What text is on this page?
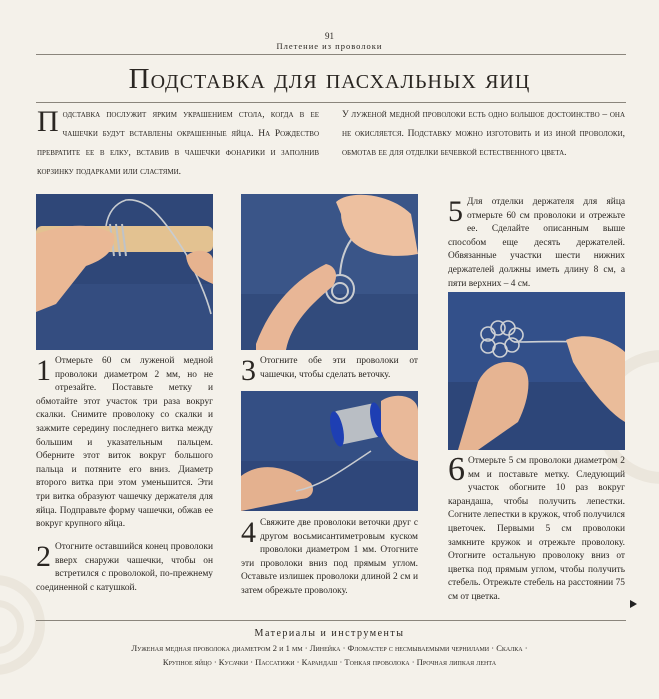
91
Плетение из проволоки
Подставка для пасхальных яиц
Подставка послужит ярким украшением стола, когда в ее чашечки будут вставлены окрашенные яйца. На Рождество превратите ее в елку, вставив в чашечки фонарики и заполнив корзинку подарками или сластями.
У луженой медной проволоки есть одно большое достоинство – она не окисляется. Подставку можно изготовить и из иной проволоки, обмотав ее для отделки бечевкой естественного цвета.
1 Отмерьте 60 см луженой медной проволоки диаметром 2 мм, но не отрезайте. Поставьте метку и обмотайте этот участок три раза вокруг скалки. Снимите проволоку со скалки и зажмите середину последнего витка между большим и указательным пальцем. Оберните этот виток вокруг большого пальца и потяните его вниз. Диаметр второго витка при этом уменьшится. Эти три витка образуют чашечку держателя для яйца. Подправьте форму чашечки, обжав ее вокруг крупного яйца.
2 Отогните оставшийся конец проволоки вверх снаружи чашечки, чтобы он встретился с проволокой, по-прежнему соединенной с катушкой.
3 Отогните обе эти проволоки от чашечки, чтобы сделать веточку.
4 Свяжите две проволоки веточки друг с другом восьмисантиметровым куском проволоки диаметром 1 мм. Отогните эти проволоки вниз под прямым углом. Оставьте излишек проволоки длиной 2 см и затем обрежьте проволоку.
5 Для отделки держателя для яйца отмерьте 60 см проволоки и отрежьте ее. Сделайте описанным выше способом еще десять держателей. Обвязанные участки шести нижних держателей должны иметь длину 8 см, а пяти верхних – 4 см.
6 Отмерьте 5 см проволоки диаметром 2 мм и поставьте метку. Следующий участок обогните 10 раз вокруг карандаша, чтобы получить лепестки. Согните лепестки в кружок, чтоб получился цветочек. Первыми 5 см проволоки замкните кружок и отрежьте проволоку. Отогните остальную проволоку вниз от цветка под прямым углом, чтобы получить стебель. Отрежьте стебель на расстоянии 75 см от цветка.
Материалы и инструменты
Луженая медная проволока диаметром 2 и 1 мм · Линейка · Фломастер с несмываемыми чернилами · Скалка ·
Крупное яйцо · Кусачки · Пассатижи · Карандаш · Тонкая проволока · Прочная липкая лента
